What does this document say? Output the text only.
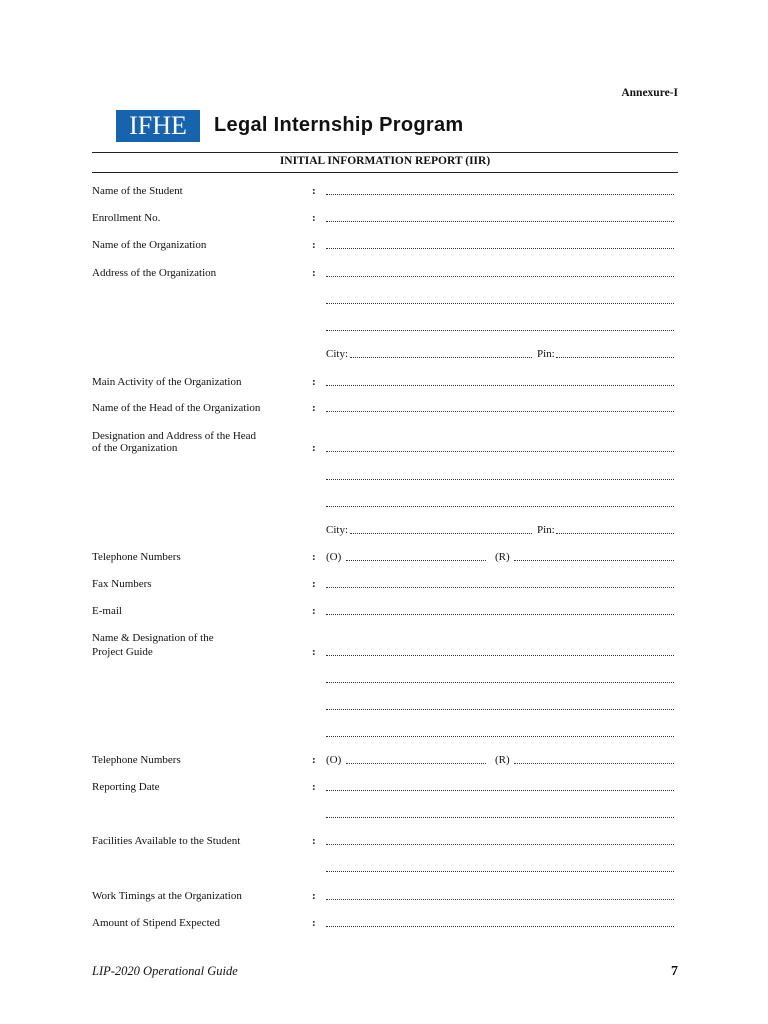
Annexure-I
IFHE Legal Internship Program
INITIAL INFORMATION REPORT (IIR)
Name of the Student	:
Enrollment No.	:
Name of the Organization	:
Address of the Organization	:
City:	Pin:
Main Activity of the Organization	:
Name of the Head of the Organization	:
Designation and Address of the Head
of the Organization	:
City:	Pin:
Telephone Numbers	: (O)	(R)
Fax Numbers	:
E-mail	:
Name & Designation of the
Project Guide	:
Telephone Numbers	: (O)	(R)
Reporting Date	:
Facilities Available to the Student	:
Work Timings at the Organization	:
Amount of Stipend Expected	:
LIP-2020 Operational Guide	7
